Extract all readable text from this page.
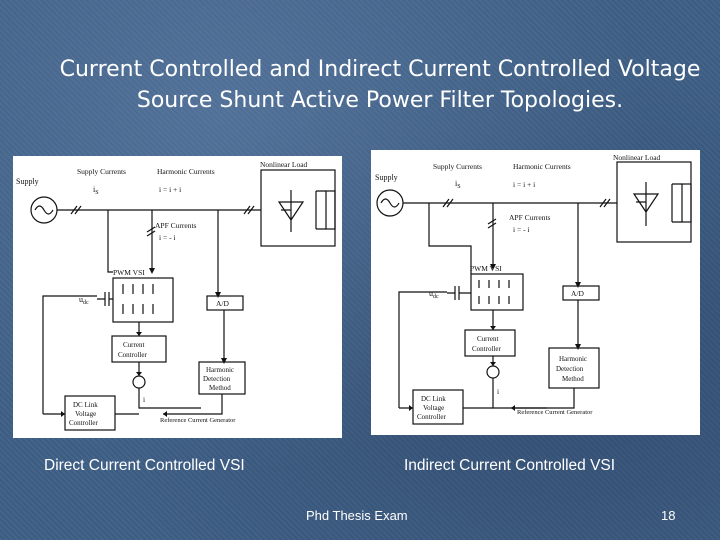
Current Controlled and Indirect Current Controlled Voltage
Source Shunt Active Power Filter Topologies.
Supply
Supply Currents	Harmonic Currents
Nonlinear Load
$i_S$	i = i + i
APF Currents
i = - i
PWM VSI
$u_{dc}$	A/D
Current
Controller
Harmonic
Detection
Method
DC Link
Voltage
Controller
i
Reference Current Generator
Supply
Supply Currents	Harmonic Currents
Nonlinear Load
$i_S$	i = i + i
APF Currents
i = - i
PWM VSI
$u_{dc}$	A/D
Current
Controller
Harmonic
Detection
Method
DC Link
Voltage
Controller
i
Reference Current Generator
Direct Current Controlled VSI	Indirect Current Controlled VSI
Phd Thesis Exam	18
